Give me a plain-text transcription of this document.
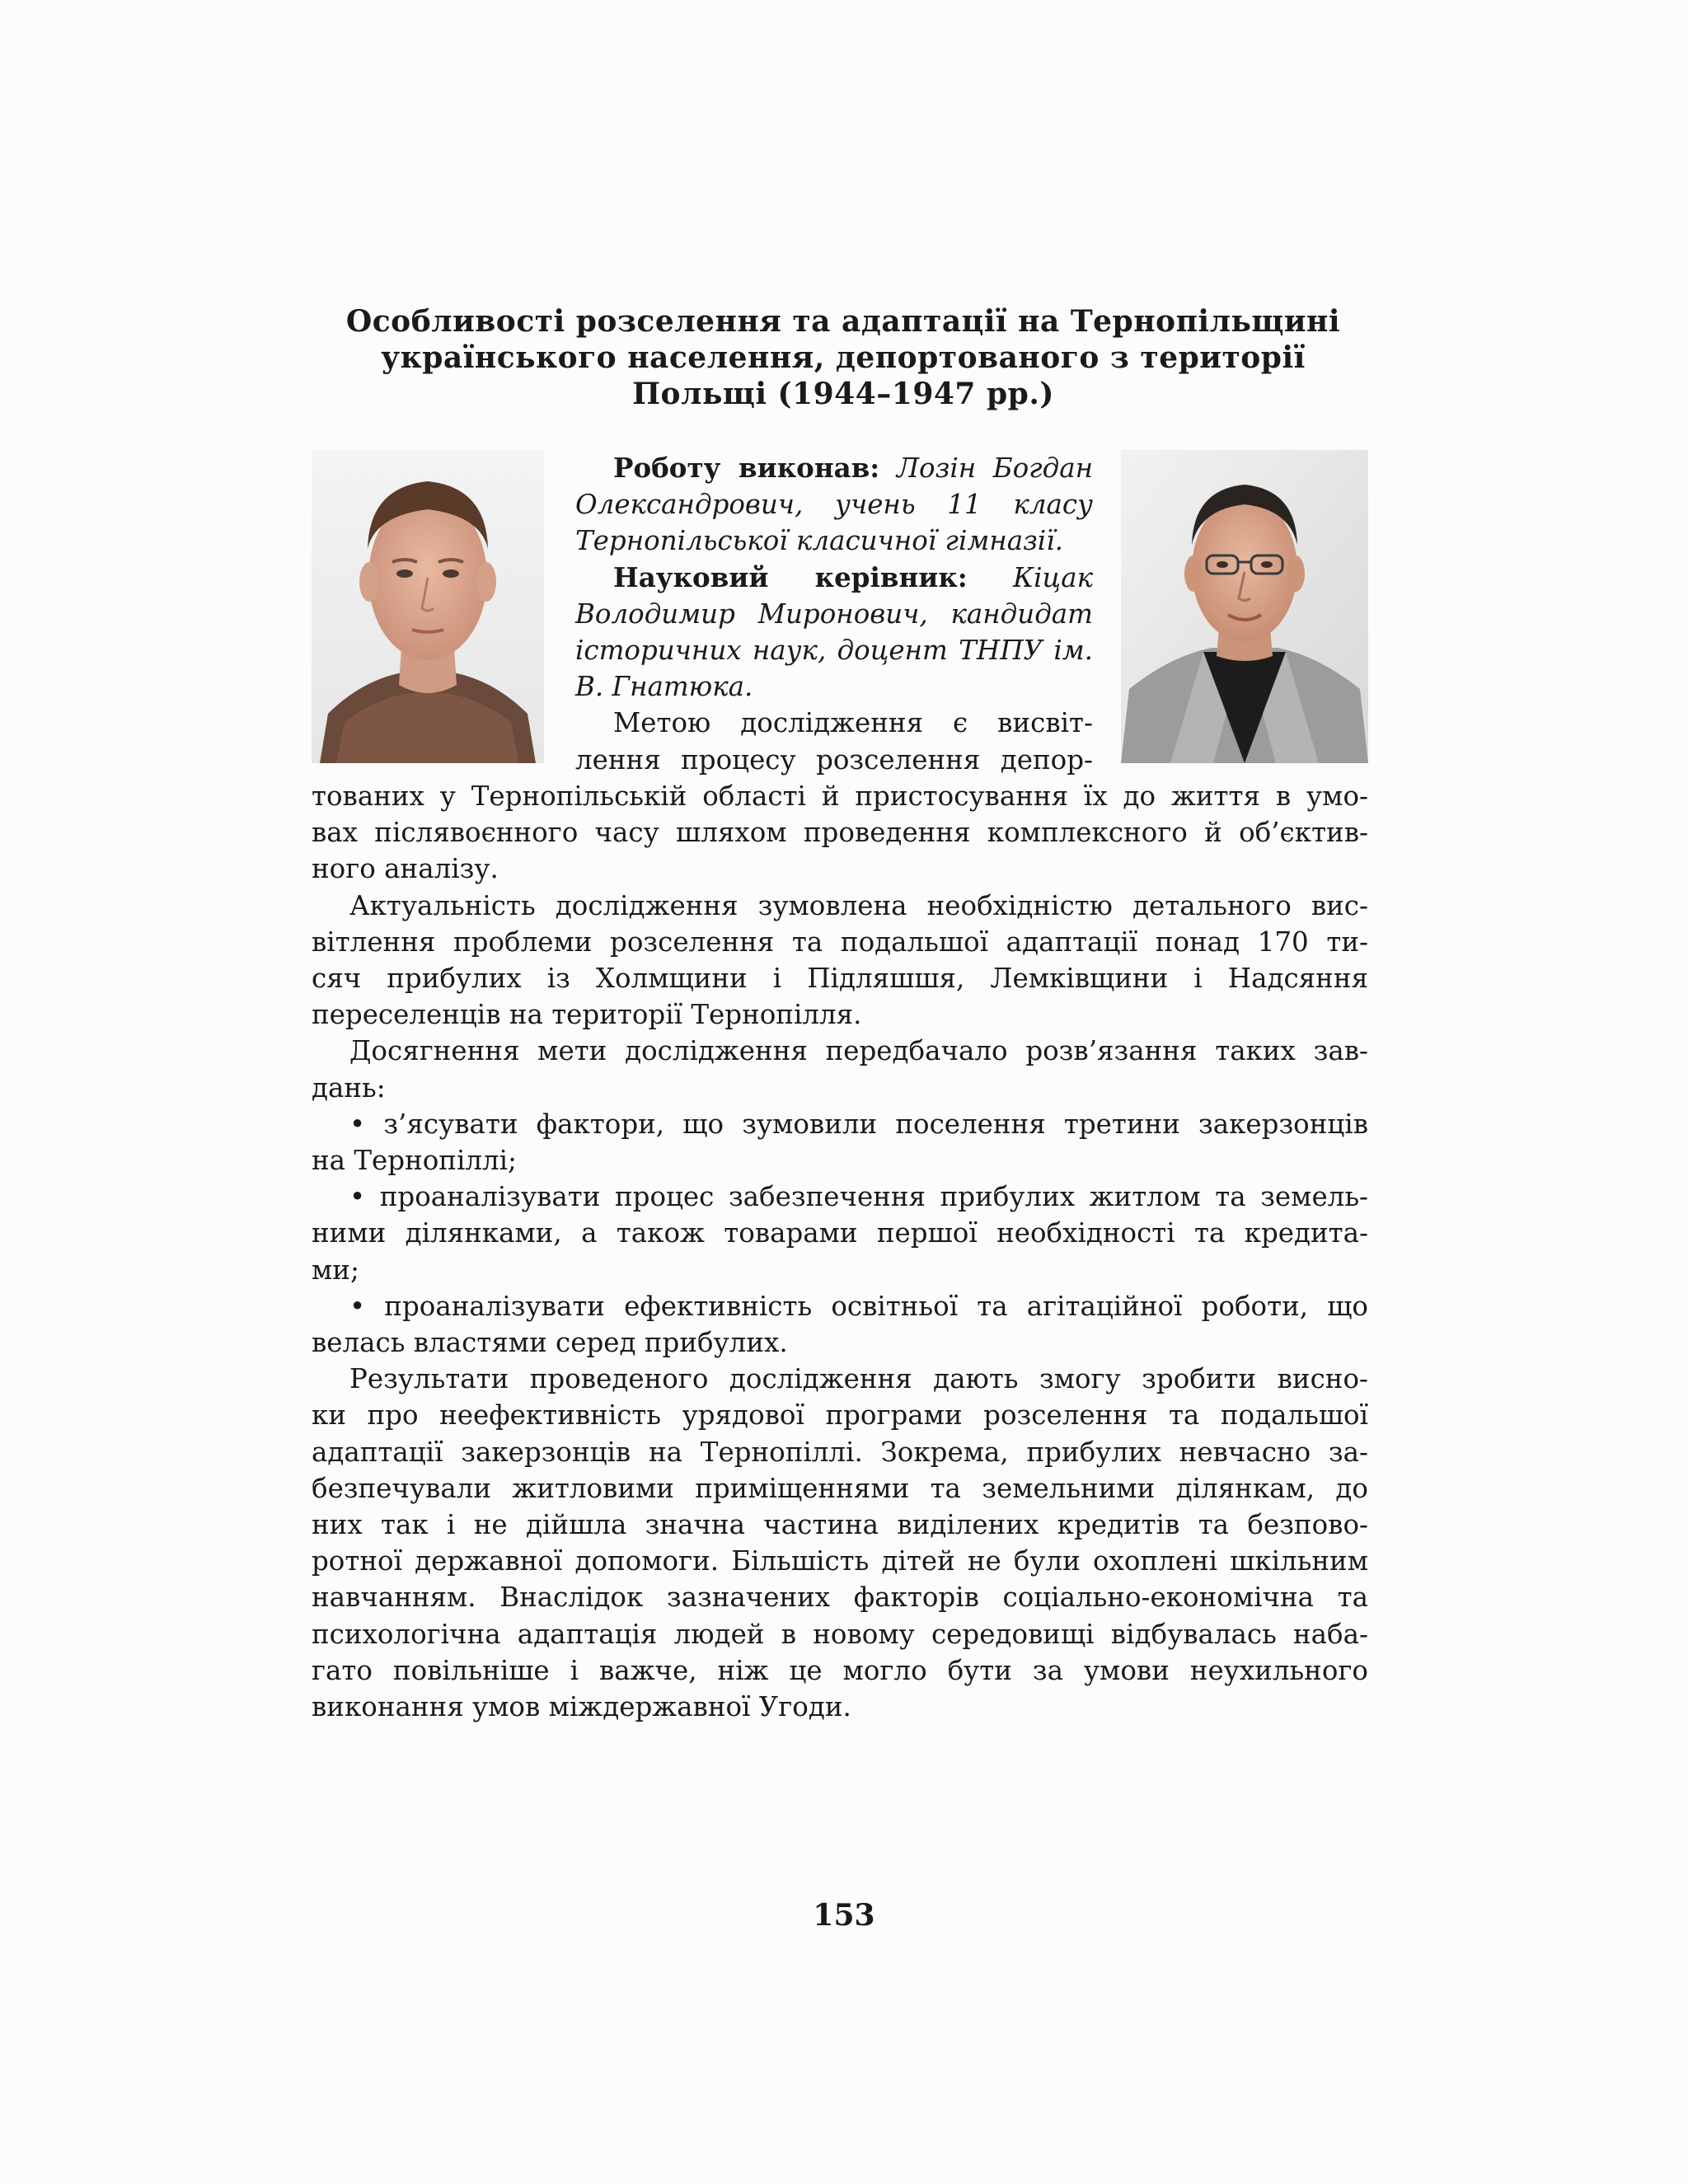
Особливості розселення та адаптації на Тернопільщині
українського населення, депортованого з території
Польщі (1944–1947 рр.)
Роботу виконав: Лозін Богдан
Олександрович, учень 11 класу
Тернопільської класичної гімназії.
Науковий керівник: Кіцак
Володимир Миронович, кандидат
історичних наук, доцент ТНПУ ім.
В. Гнатюка.
Метою дослідження є висвіт-
лення процесу розселення депор-
тованих у Тернопільській області й пристосування їх до життя в умо-
вах післявоєнного часу шляхом проведення комплексного й об’єктив-
ного аналізу.
Актуальність дослідження зумовлена необхідністю детального вис-
вітлення проблеми розселення та подальшої адаптації понад 170 ти-
сяч прибулих із Холмщини і Підляшшя, Лемківщини і Надсяння
переселенців на території Тернопілля.
Досягнення мети дослідження передбачало розв’язання таких зав-
дань:
• з’ясувати фактори, що зумовили поселення третини закерзонців
на Тернопіллі;
• проаналізувати процес забезпечення прибулих житлом та земель-
ними ділянками, а також товарами першої необхідності та кредита-
ми;
• проаналізувати ефективність освітньої та агітаційної роботи, що
велась властями серед прибулих.
Результати проведеного дослідження дають змогу зробити висно-
ки про неефективність урядової програми розселення та подальшої
адаптації закерзонців на Тернопіллі. Зокрема, прибулих невчасно за-
безпечували житловими приміщеннями та земельними ділянкам, до
них так і не дійшла значна частина виділених кредитів та безпово-
ротної державної допомоги. Більшість дітей не були охоплені шкільним
навчанням. Внаслідок зазначених факторів соціально-економічна та
психологічна адаптація людей в новому середовищі відбувалась наба-
гато повільніше і важче, ніж це могло бути за умови неухильного
виконання умов міждержавної Угоди.
153
